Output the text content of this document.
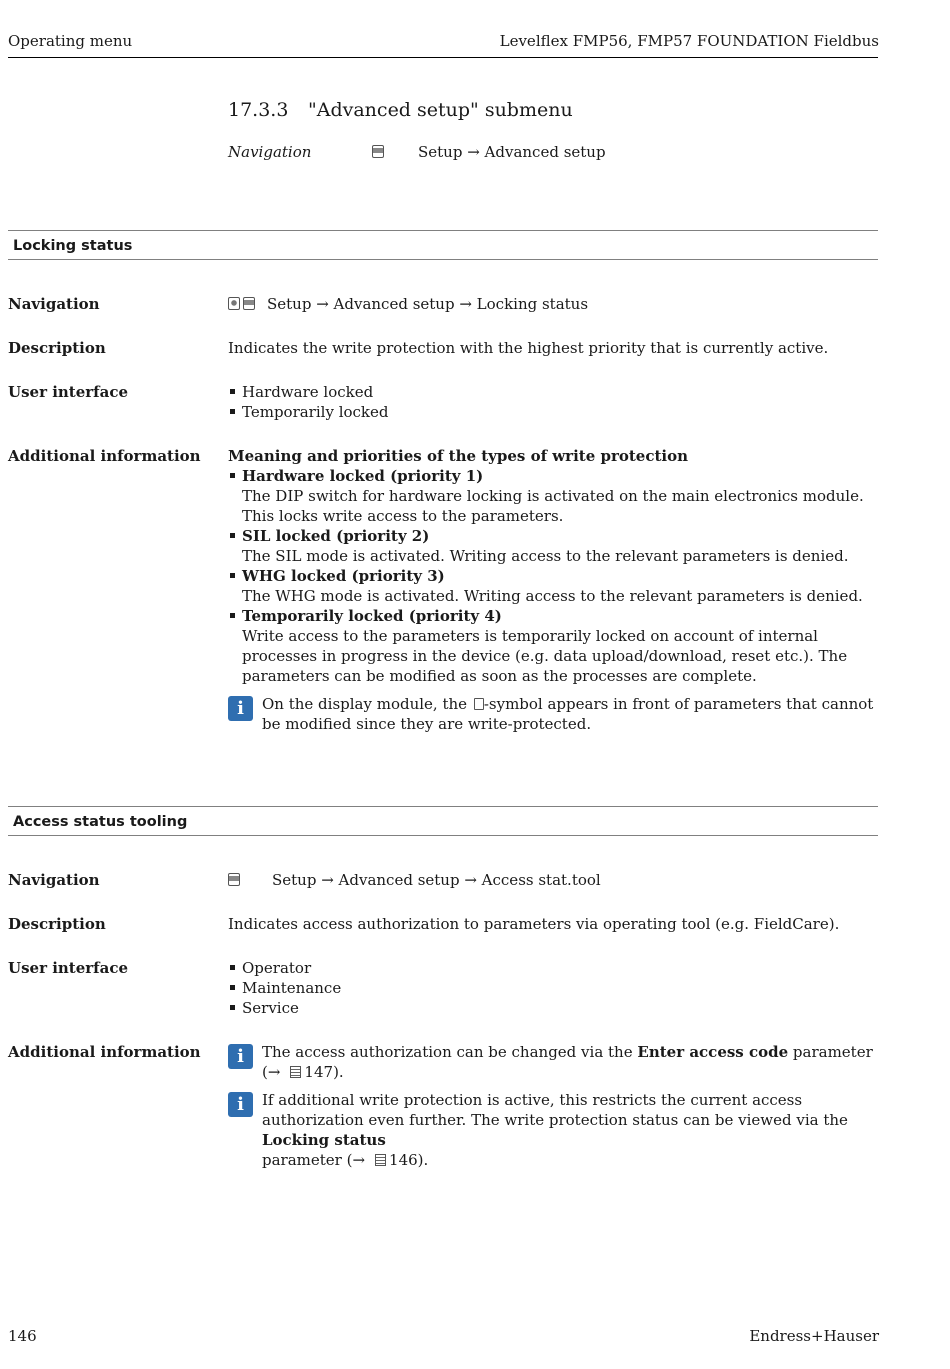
Operating menu	Levelflex FMP56, FMP57 FOUNDATION Fieldbus
17.3.3 "Advanced setup" submenu
Navigation	Setup → Advanced setup
Locking status
Navigation	Setup → Advanced setup → Locking status
Description	Indicates the write protection with the highest priority that is currently active.
User interface	Hardware locked
Temporarily locked
Additional information Meaning and priorities of the types of write protection
Hardware locked (priority 1)
The DIP switch for hardware locking is activated on the main electronics module. This locks write access to the parameters.
SIL locked (priority 2)
The SIL mode is activated. Writing access to the relevant parameters is denied.
WHG locked (priority 3)
The WHG mode is activated. Writing access to the relevant parameters is denied.
Temporarily locked (priority 4)
Write access to the parameters is temporarily locked on account of internal processes in progress in the device (e.g. data upload/download, reset etc.). The parameters can be modified as soon as the processes are complete.
i	On the display module, the -symbol appears in front of parameters that cannot be modified since they are write-protected.
Access status tooling
Navigation	Setup → Advanced setup → Access stat.tool
Description	Indicates access authorization to parameters via operating tool (e.g. FieldCare).
User interface	Operator
Maintenance
Service
Additional information	i	The access authorization can be changed via the Enter access code parameter
(→ 147).
i	If additional write protection is active, this restricts the current access authorization even further. The write protection status can be viewed via the Locking status
parameter (→ 146).
146	Endress+Hauser
